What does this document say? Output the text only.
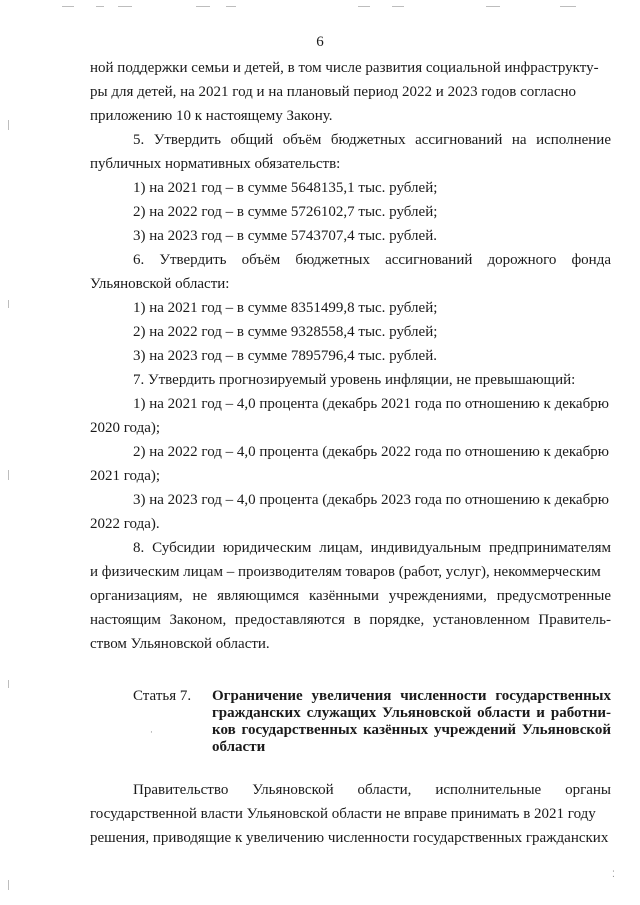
·
⁚
6
ной поддержки семьи и детей, в том числе развития социальной инфраструкту-
ры для детей, на 2021 год и на плановый период 2022 и 2023 годов согласно
приложению 10 к настоящему Закону.
5. Утвердить общий объём бюджетных ассигнований на исполнение
публичных нормативных обязательств:
1) на 2021 год – в сумме 5648135,1 тыс. рублей;
2) на 2022 год – в сумме 5726102,7 тыс. рублей;
3) на 2023 год – в сумме 5743707,4 тыс. рублей.
6. Утвердить объём бюджетных ассигнований дорожного фонда
Ульяновской области:
1) на 2021 год – в сумме 8351499,8 тыс. рублей;
2) на 2022 год – в сумме 9328558,4 тыс. рублей;
3) на 2023 год – в сумме 7895796,4 тыс. рублей.
7. Утвердить прогнозируемый уровень инфляции, не превышающий:
1) на 2021 год – 4,0 процента (декабрь 2021 года по отношению к декабрю
2020 года);
2) на 2022 год – 4,0 процента (декабрь 2022 года по отношению к декабрю
2021 года);
3) на 2023 год – 4,0 процента (декабрь 2023 года по отношению к декабрю
2022 года).
8. Субсидии юридическим лицам, индивидуальным предпринимателям
и физическим лицам – производителям товаров (работ, услуг), некоммерческим
организациям, не являющимся казёнными учреждениями, предусмотренные
настоящим Законом, предоставляются в порядке, установленном Правитель-
ством Ульяновской области.
Статья 7. Ограничение увеличения численности государственных
гражданских служащих Ульяновской области и работни-
ков государственных казённых учреждений Ульяновской
области
Правительство Ульяновской области, исполнительные органы
государственной власти Ульяновской области не вправе принимать в 2021 году
решения, приводящие к увеличению численности государственных гражданских
